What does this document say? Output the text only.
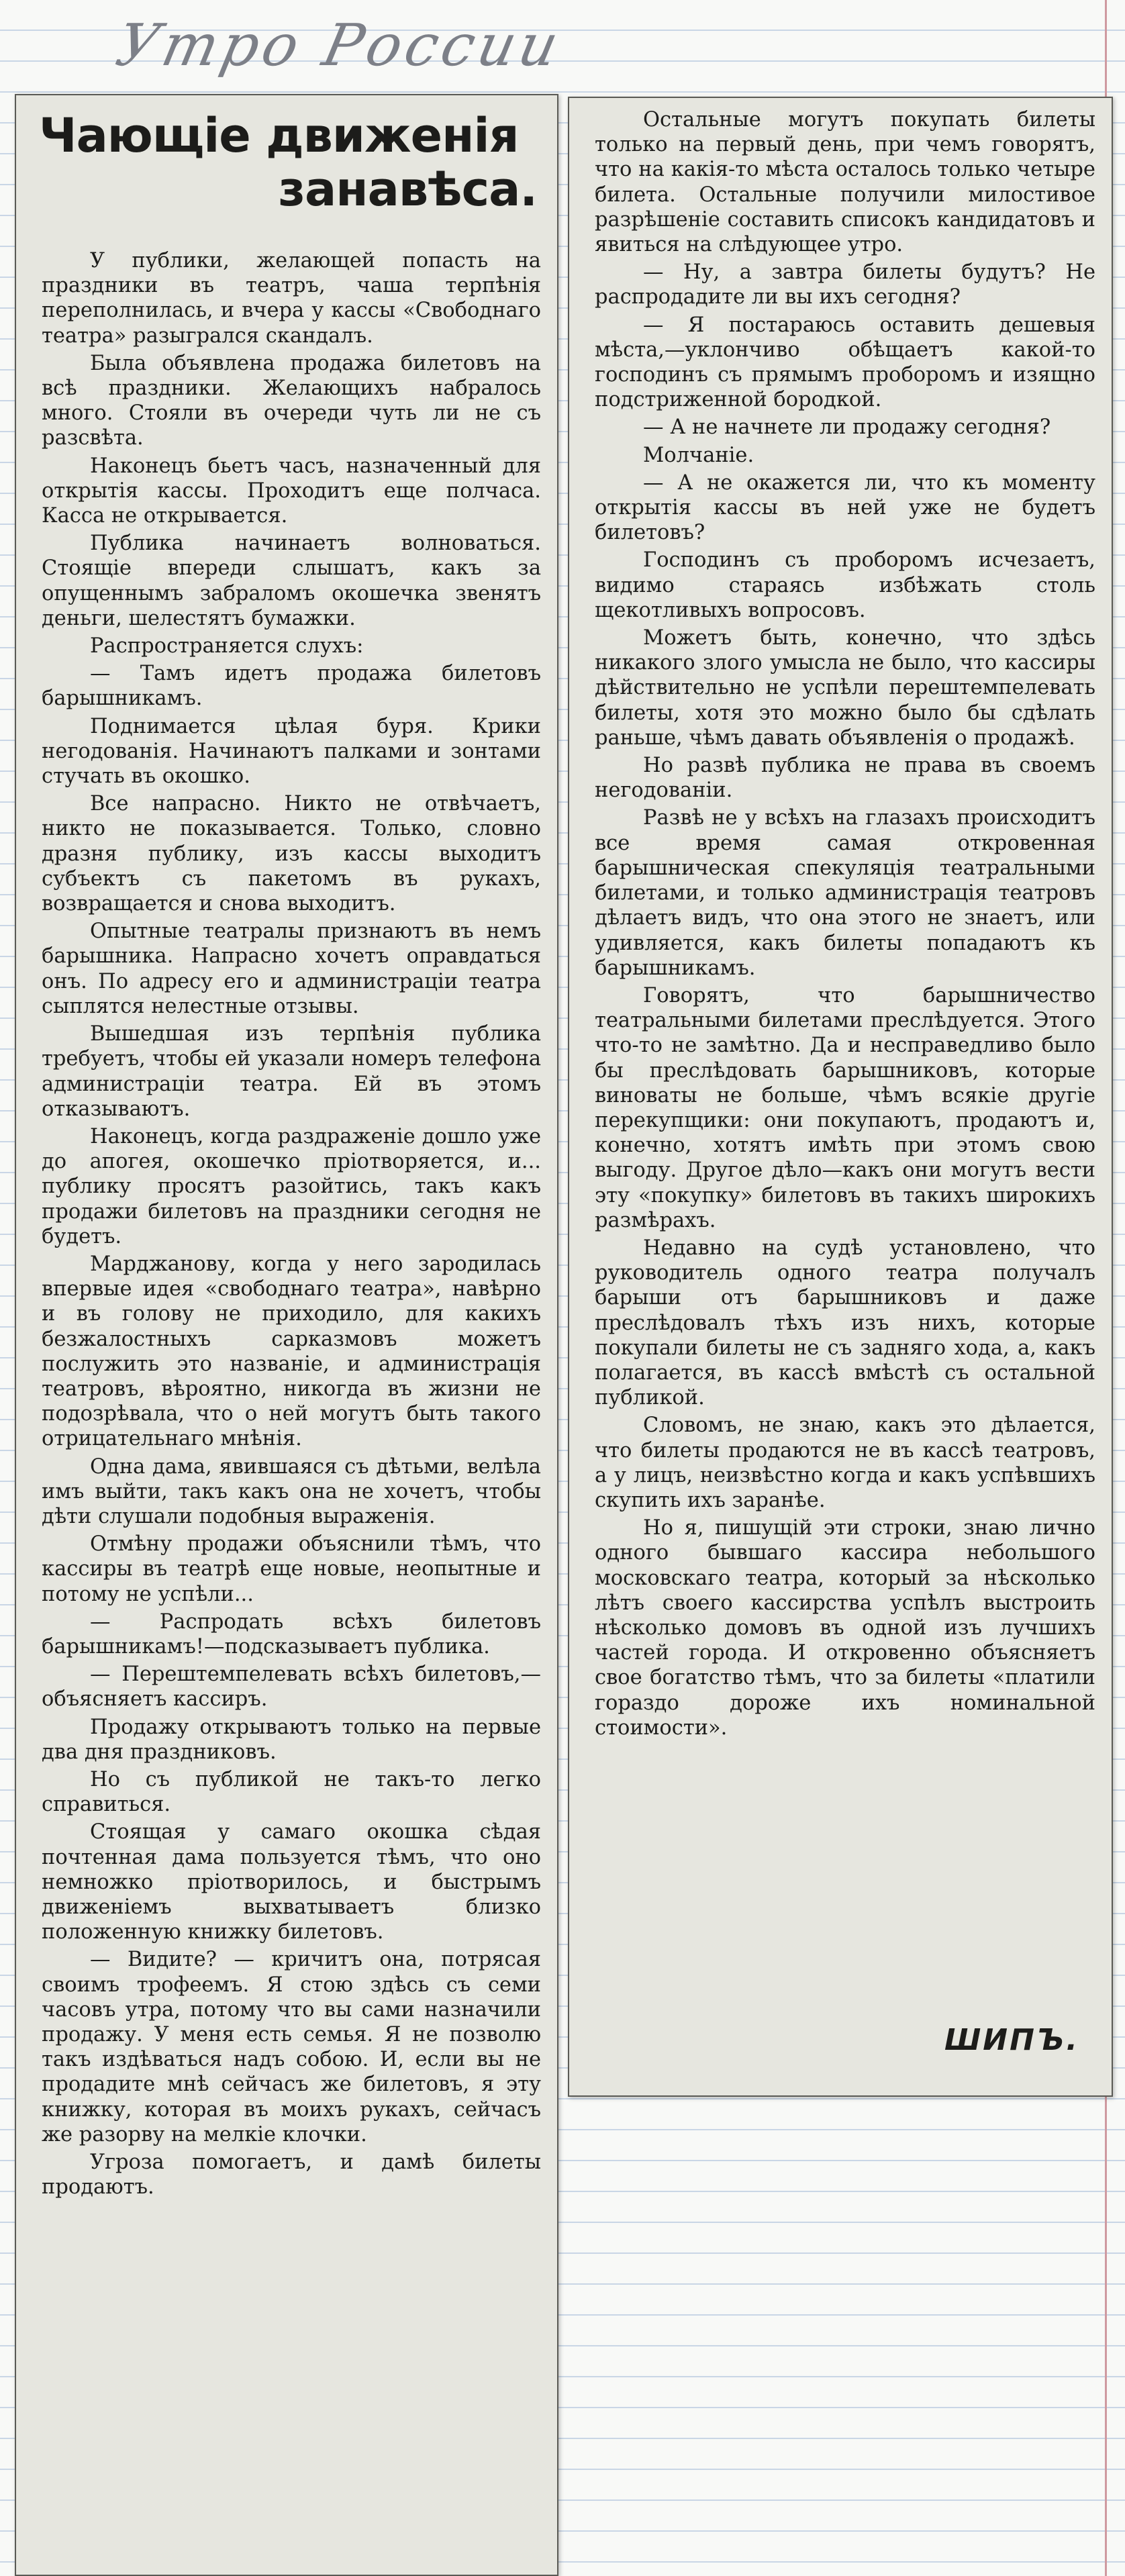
Утро России
Чающіе движенія
занавѣса.

У публики, желающей попасть на праздники въ театръ, чаша терпѣнія переполнилась, и вчера у кассы «Свободнаго театра» разыгрался скандалъ.

Была объявлена продажа билетовъ на всѣ праздники. Желающихъ набралось много. Стояли въ очереди чуть ли не съ разсвѣта.

Наконецъ бьетъ часъ, назначенный для открытія кассы. Проходитъ еще полчаса. Касса не открывается.

Публика начинаетъ волноваться. Стоящіе впереди слышатъ, какъ за опущеннымъ забраломъ окошечка звенятъ деньги, шелестятъ бумажки.

Распространяется слухъ:

— Тамъ идетъ продажа билетовъ барышникамъ.

Поднимается цѣлая буря. Крики негодованія. Начинаютъ палками и зонтами стучать въ окошко.

Все напрасно. Никто не отвѣчаетъ, никто не показывается. Только, словно дразня публику, изъ кассы выходитъ субъектъ съ пакетомъ въ рукахъ, возвращается и снова выходитъ.

Опытные театралы признаютъ въ немъ барышника. Напрасно хочетъ оправдаться онъ. По адресу его и администраціи театра сыплятся нелестные отзывы.

Вышедшая изъ терпѣнія публика требуетъ, чтобы ей указали номеръ телефона администраціи театра. Ей въ этомъ отказываютъ.

Наконецъ, когда раздраженіе дошло уже до апогея, окошечко пріотворяется, и... публику просятъ разойтись, такъ какъ продажи билетовъ на праздники сегодня не будетъ.

Марджанову, когда у него зародилась впервые идея «свободнаго театра», навѣрно и въ голову не приходило, для какихъ безжалостныхъ сарказмовъ можетъ послужить это названіе, и администрація театровъ, вѣроятно, никогда въ жизни не подозрѣвала, что о ней могутъ быть такого отрицательнаго мнѣнія.

Одна дама, явившаяся съ дѣтьми, велѣла имъ выйти, такъ какъ она не хочетъ, чтобы дѣти слушали подобныя выраженія.

Отмѣну продажи объяснили тѣмъ, что кассиры въ театрѣ еще новые, неопытные и потому не успѣли...

— Распродать всѣхъ билетовъ барышникамъ!—подсказываетъ публика.

— Перештемпелевать всѣхъ билетовъ,— объясняетъ кассиръ.

Продажу открываютъ только на первые два дня праздниковъ.

Но съ публикой не такъ-то легко справиться.

Стоящая у самаго окошка сѣдая почтенная дама пользуется тѣмъ, что оно немножко пріотворилось, и быстрымъ движеніемъ выхватываетъ близко положенную книжку билетовъ.

— Видите? — кричитъ она, потрясая своимъ трофеемъ. Я стою здѣсь съ семи часовъ утра, потому что вы сами назначили продажу. У меня есть семья. Я не позволю такъ издѣваться надъ собою. И, если вы не продадите мнѣ сейчасъ же билетовъ, я эту книжку, которая въ моихъ рукахъ, сейчасъ же разорву на мелкіе клочки.

Угроза помогаетъ, и дамѣ билеты продаютъ.

Остальные могутъ покупать билеты только на первый день, при чемъ говорятъ, что на какія-то мѣста осталось только четыре билета. Остальные получили милостивое разрѣшеніе составить списокъ кандидатовъ и явиться на слѣдующее утро.

— Ну, а завтра билеты будутъ? Не распродадите ли вы ихъ сегодня?

— Я постараюсь оставить дешевыя мѣста,—уклончиво обѣщаетъ какой-то господинъ съ прямымъ проборомъ и изящно подстриженной бородкой.

— А не начнете ли продажу сегодня?

Молчаніе.

— А не окажется ли, что къ моменту открытія кассы въ ней уже не будетъ билетовъ?

Господинъ съ проборомъ исчезаетъ, видимо стараясь избѣжать столь щекотливыхъ вопросовъ.

Можетъ быть, конечно, что здѣсь никакого злого умысла не было, что кассиры дѣйствительно не успѣли перештемпелевать билеты, хотя это можно было бы сдѣлать раньше, чѣмъ давать объявленія о продажѣ.

Но развѣ публика не права въ своемъ негодованіи.

Развѣ не у всѣхъ на глазахъ происходитъ все время самая откровенная барышническая спекуляція театральными билетами, и только администрація театровъ дѣлаетъ видъ, что она этого не знаетъ, или удивляется, какъ билеты попадаютъ къ барышникамъ.

Говорятъ, что барышничество театральными билетами преслѣдуется. Этого что-то не замѣтно. Да и несправедливо было бы преслѣдовать барышниковъ, которые виноваты не больше, чѣмъ всякіе другіе перекупщики: они покупаютъ, продаютъ и, конечно, хотятъ имѣть при этомъ свою выгоду. Другое дѣло—какъ они могутъ вести эту «покупку» билетовъ въ такихъ широкихъ размѣрахъ.

Недавно на судѣ установлено, что руководитель одного театра получалъ барыши отъ барышниковъ и даже преслѣдовалъ тѣхъ изъ нихъ, которые покупали билеты не съ задняго хода, а, какъ полагается, въ кассѣ вмѣстѣ съ остальной публикой.

Словомъ, не знаю, какъ это дѣлается, что билеты продаются не въ кассѣ театровъ, а у лицъ, неизвѣстно когда и какъ успѣвшихъ скупить ихъ заранѣе.

Но я, пишущій эти строки, знаю лично одного бывшаго кассира небольшого московскаго театра, который за нѣсколько лѣтъ своего кассирства успѣлъ выстроить нѣсколько домовъ въ одной изъ лучшихъ частей города. И откровенно объясняетъ свое богатство тѣмъ, что за билеты «платили гораздо дороже ихъ номинальной стоимости».

ШИПЪ.
